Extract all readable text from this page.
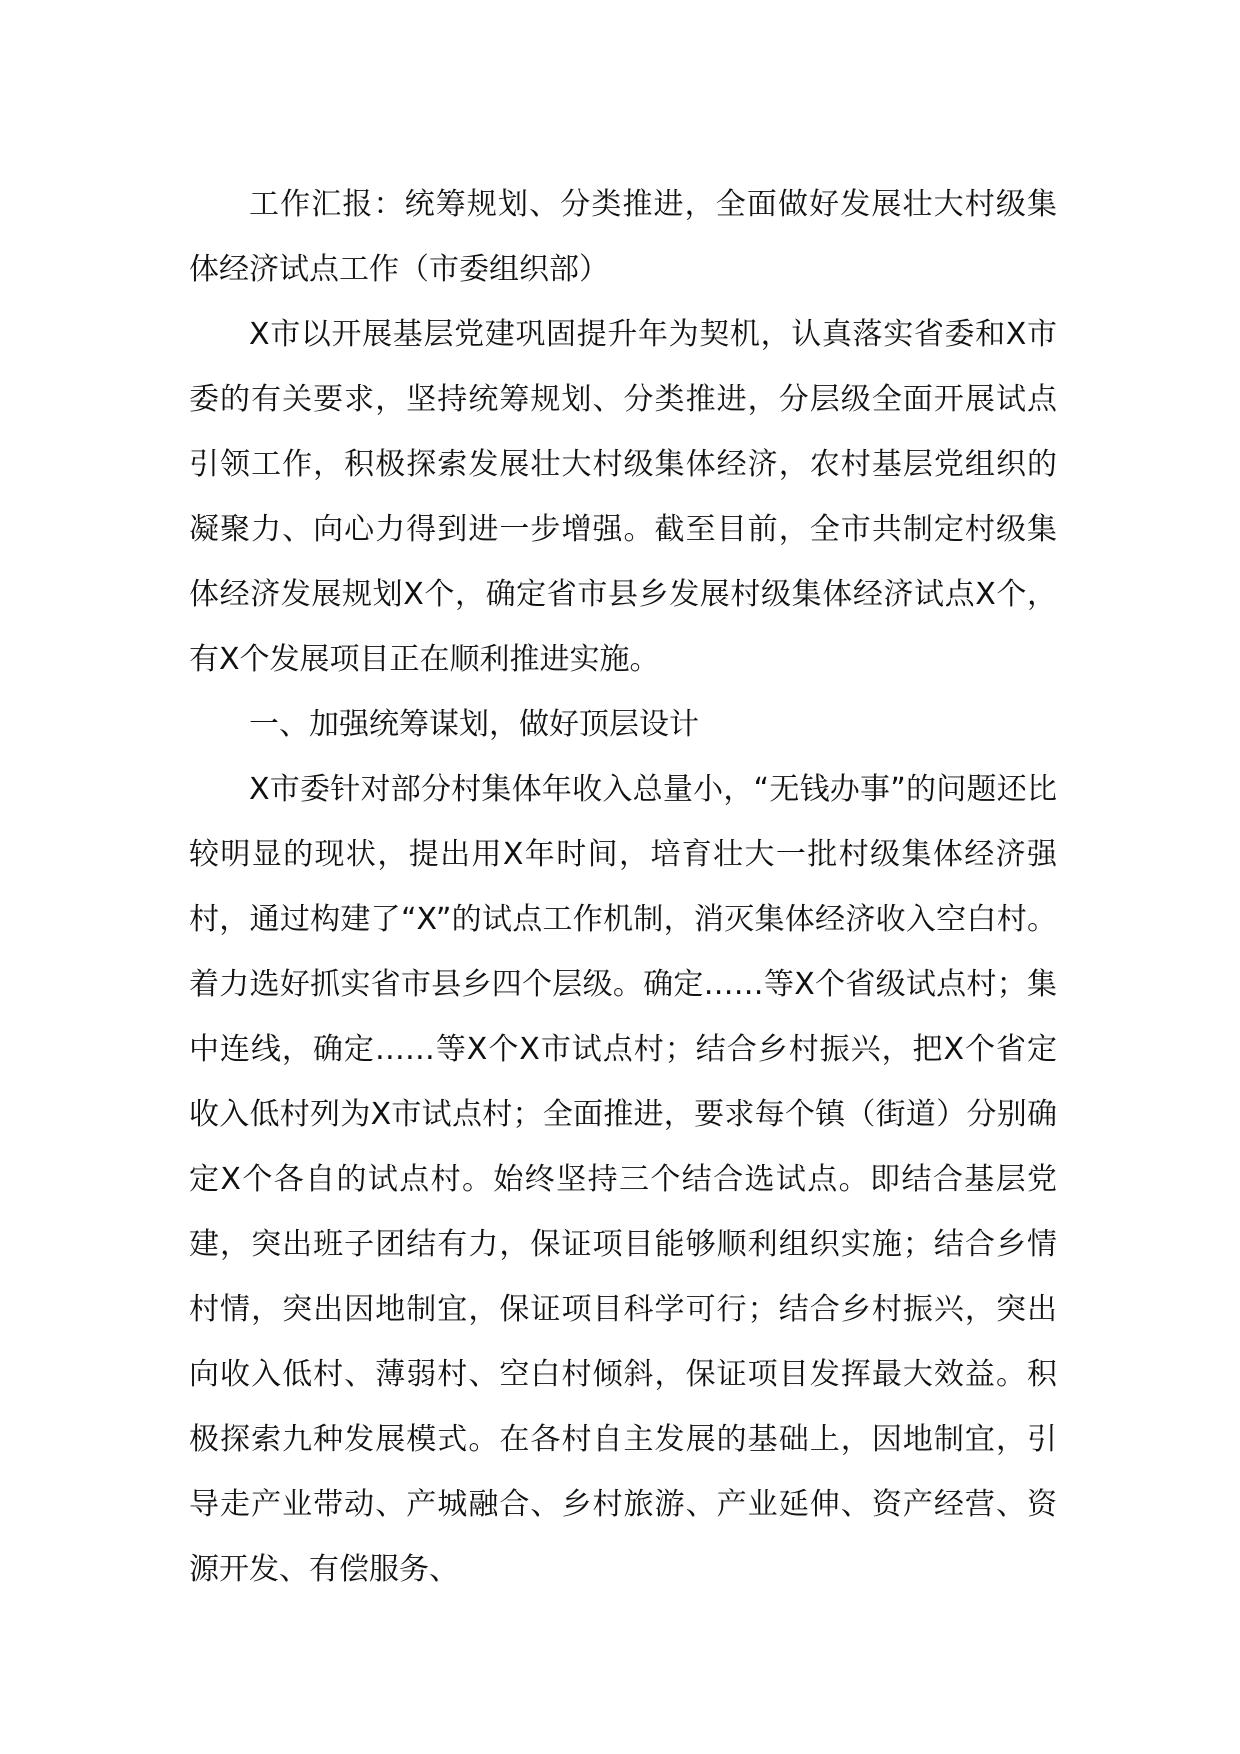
工作汇报：统筹规划、分类推进，全面做好发展壮大村级集体经济试点工作（市委组织部）

X市以开展基层党建巩固提升年为契机，认真落实省委和X市委的有关要求，坚持统筹规划、分类推进，分层级全面开展试点引领工作，积极探索发展壮大村级集体经济，农村基层党组织的凝聚力、向心力得到进一步增强。截至目前，全市共制定村级集体经济发展规划X个，确定省市县乡发展村级集体经济试点X个，有X个发展项目正在顺利推进实施。

一、加强统筹谋划，做好顶层设计

X市委针对部分村集体年收入总量小，“无钱办事”的问题还比较明显的现状，提出用X年时间，培育壮大一批村级集体经济强村，通过构建了“X”的试点工作机制，消灭集体经济收入空白村。着力选好抓实省市县乡四个层级。确定……等X个省级试点村；集中连线，确定……等X个X市试点村；结合乡村振兴，把X个省定收入低村列为X市试点村；全面推进，要求每个镇（街道）分别确定X个各自的试点村。始终坚持三个结合选试点。即结合基层党建，突出班子团结有力，保证项目能够顺利组织实施；结合乡情村情，突出因地制宜，保证项目科学可行；结合乡村振兴，突出向收入低村、薄弱村、空白村倾斜，保证项目发挥最大效益。积极探索九种发展模式。在各村自主发展的基础上，因地制宜，引导走产业带动、产城融合、乡村旅游、产业延伸、资产经营、资源开发、有偿服务、
